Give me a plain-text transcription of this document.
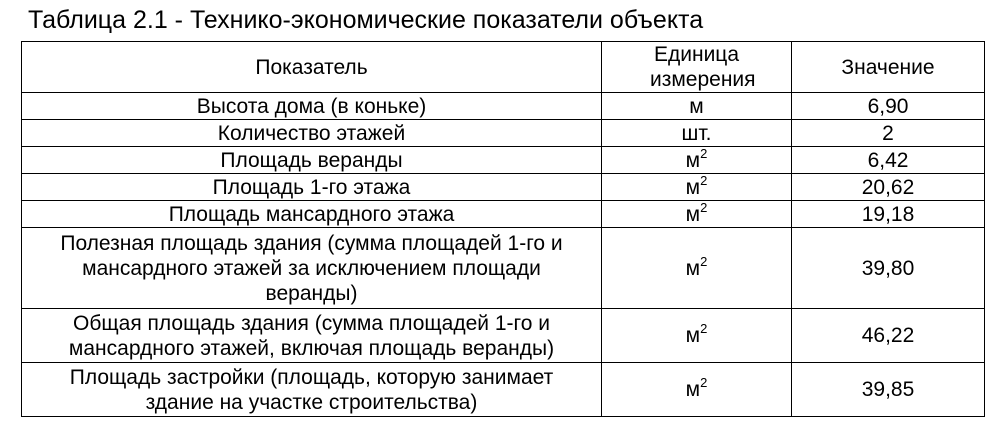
Таблица 2.1 - Технико-экономические показатели объекта
Показатель	Единица измерения	Значение
Высота дома (в коньке)	м	6,90
Количество этажей	шт.	2
Площадь веранды	$м^2$	6,42
Площадь 1-го этажа	$м^2$	20,62
Площадь мансардного этажа	$м^2$	19,18
Полезная площадь здания (сумма площадей 1-го и мансардного этажей за исключением площади веранды)	$м^2$	39,80
Общая площадь здания (сумма площадей 1-го и мансардного этажей, включая площадь веранды)	$м^2$	46,22
Площадь застройки (площадь, которую занимает здание на участке строительства)	$м^2$	39,85
